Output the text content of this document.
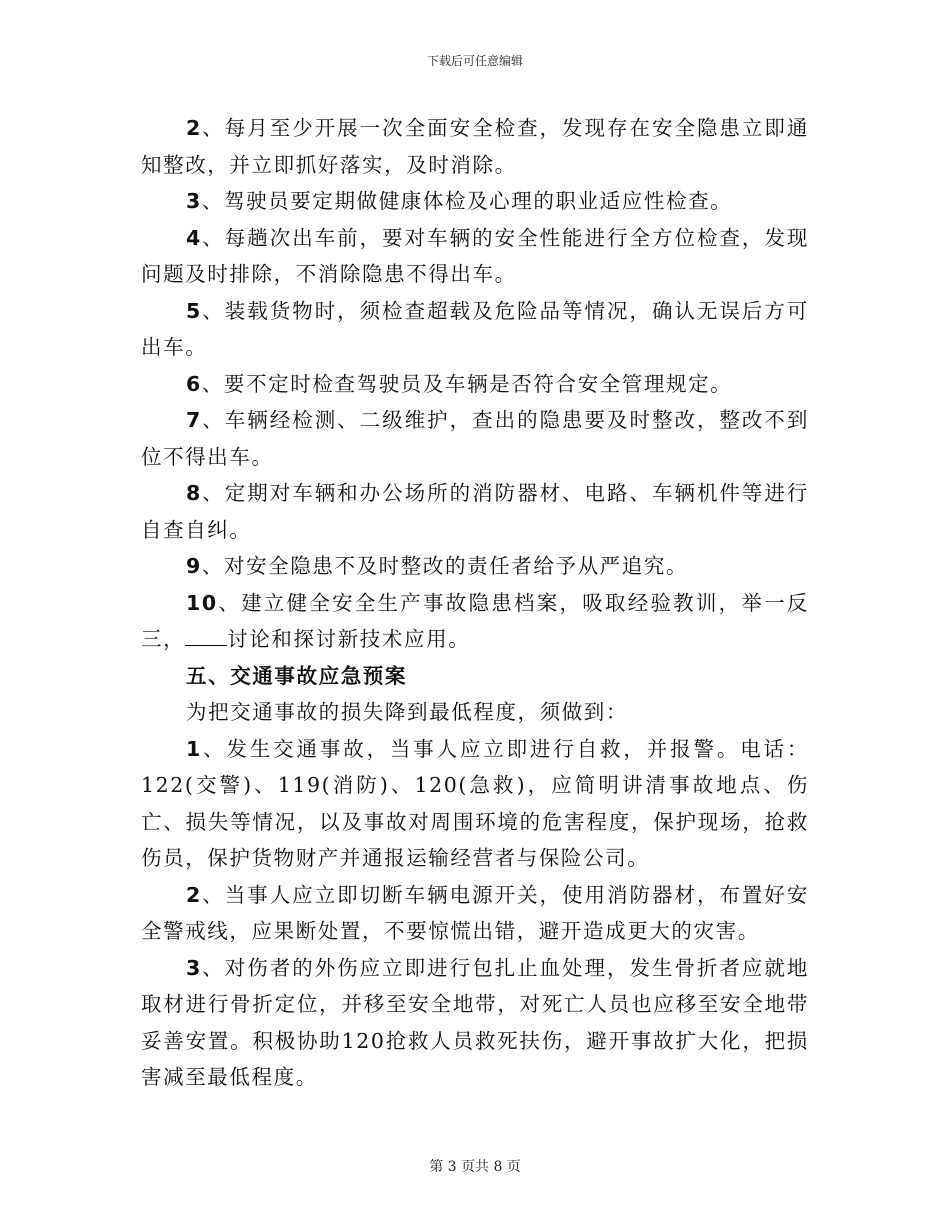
下载后可任意编辑

2、每月至少开展一次全面安全检查，发现存在安全隐患立即通知整改，并立即抓好落实，及时消除。

3、驾驶员要定期做健康体检及心理的职业适应性检查。

4、每趟次出车前，要对车辆的安全性能进行全方位检查，发现问题及时排除，不消除隐患不得出车。

5、装载货物时，须检查超载及危险品等情况，确认无误后方可出车。

6、要不定时检查驾驶员及车辆是否符合安全管理规定。

7、车辆经检测、二级维护，查出的隐患要及时整改，整改不到位不得出车。

8、定期对车辆和办公场所的消防器材、电路、车辆机件等进行自查自纠。

9、对安全隐患不及时整改的责任者给予从严追究。

10、建立健全安全生产事故隐患档案，吸取经验教训，举一反三， 讨论和探讨新技术应用。

五、交通事故应急预案

为把交通事故的损失降到最低程度，须做到：

1、发生交通事故，当事人应立即进行自救，并报警。电话：122(交警)、119(消防)、120(急救)，应简明讲清事故地点、伤亡、损失等情况，以及事故对周围环境的危害程度，保护现场，抢救伤员，保护货物财产并通报运输经营者与保险公司。

2、当事人应立即切断车辆电源开关，使用消防器材，布置好安全警戒线，应果断处置，不要惊慌出错，避开造成更大的灾害。

3、对伤者的外伤应立即进行包扎止血处理，发生骨折者应就地取材进行骨折定位，并移至安全地带，对死亡人员也应移至安全地带妥善安置。积极协助120抢救人员救死扶伤，避开事故扩大化，把损害减至最低程度。

第 3 页共 8 页
